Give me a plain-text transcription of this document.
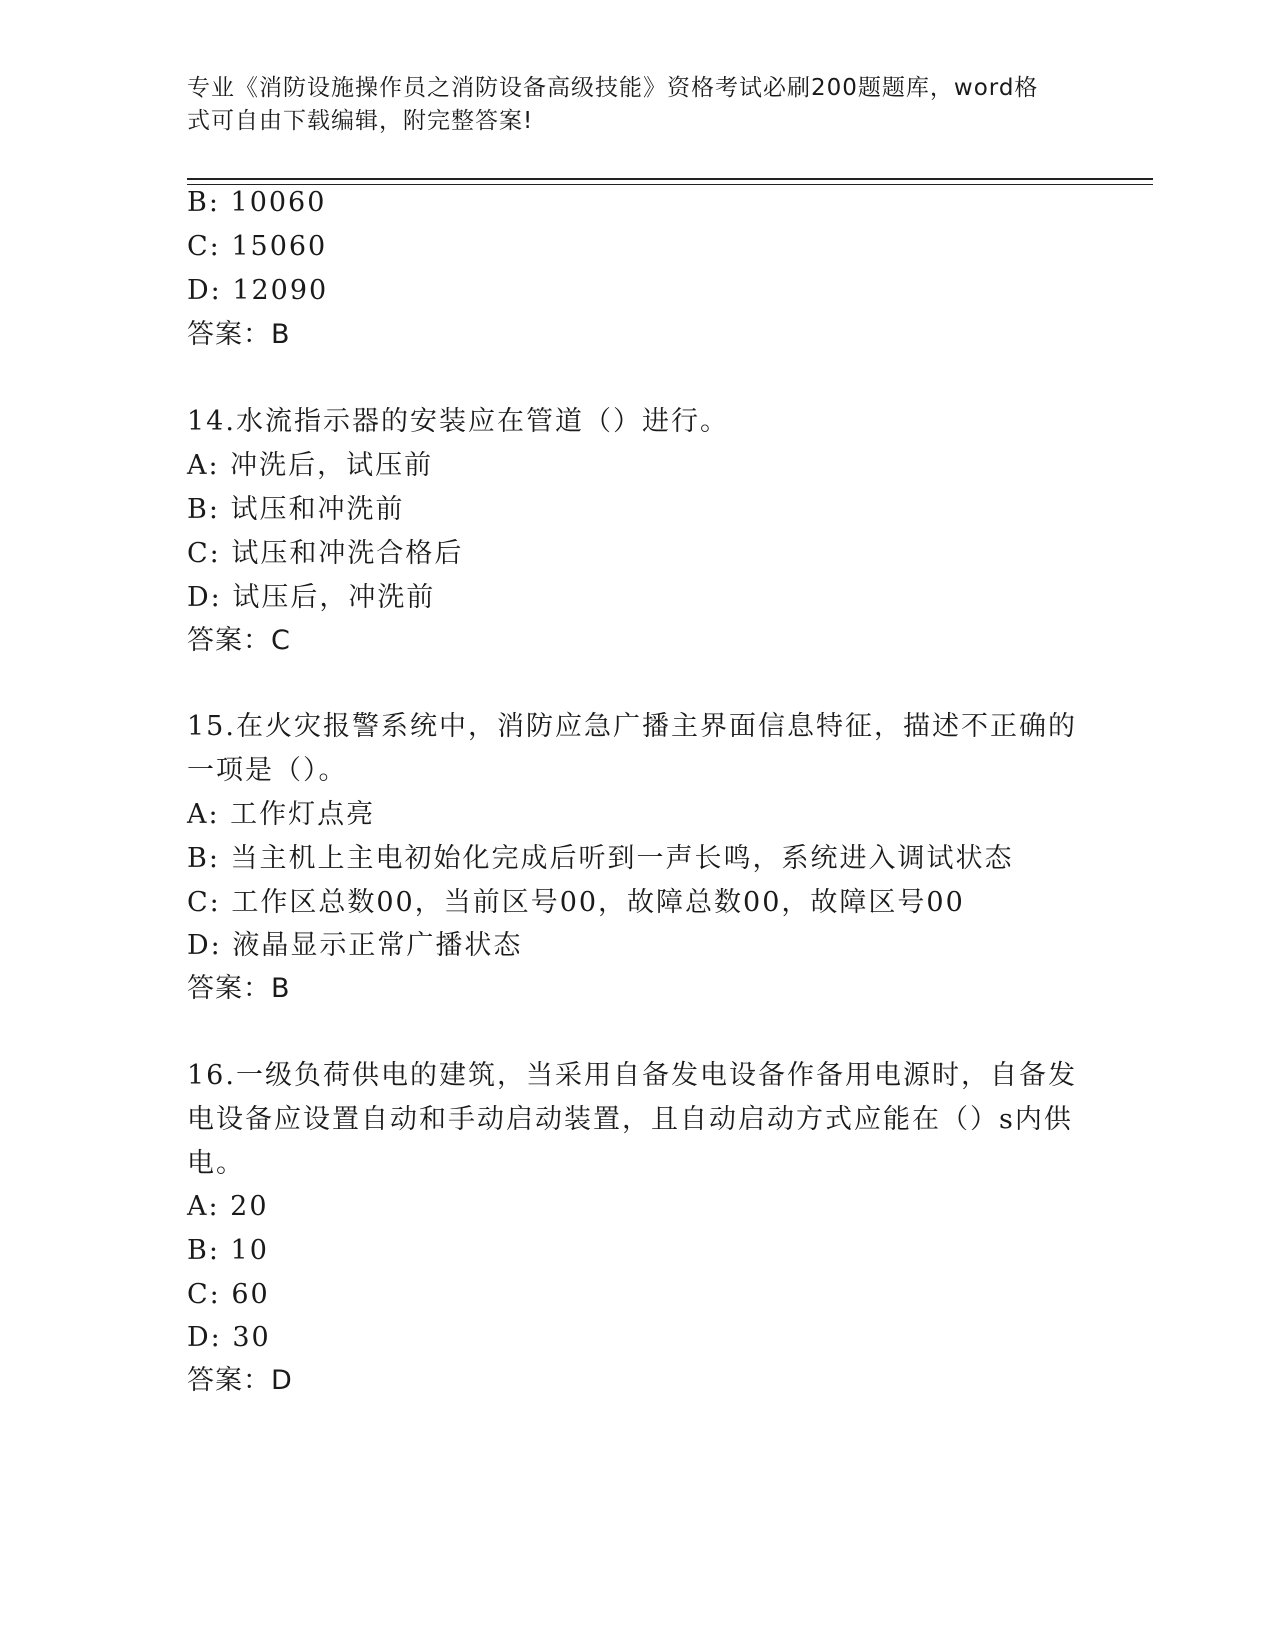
专业《消防设施操作员之消防设备高级技能》资格考试必刷200题题库，word格
式可自由下载编辑，附完整答案!
B: 10060
C: 15060
D: 12090
答案：B
14.水流指示器的安装应在管道（）进行。
A: 冲洗后，试压前
B: 试压和冲洗前
C: 试压和冲洗合格后
D: 试压后，冲洗前
答案：C
15.在火灾报警系统中，消防应急广播主界面信息特征，描述不正确的
一项是（）。
A: 工作灯点亮
B: 当主机上主电初始化完成后听到一声长鸣，系统进入调试状态
C: 工作区总数00，当前区号00，故障总数00，故障区号00
D: 液晶显示正常广播状态
答案：B
16.一级负荷供电的建筑，当采用自备发电设备作备用电源时，自备发
电设备应设置自动和手动启动装置，且自动启动方式应能在（）s内供
电。
A: 20
B: 10
C: 60
D: 30
答案：D
